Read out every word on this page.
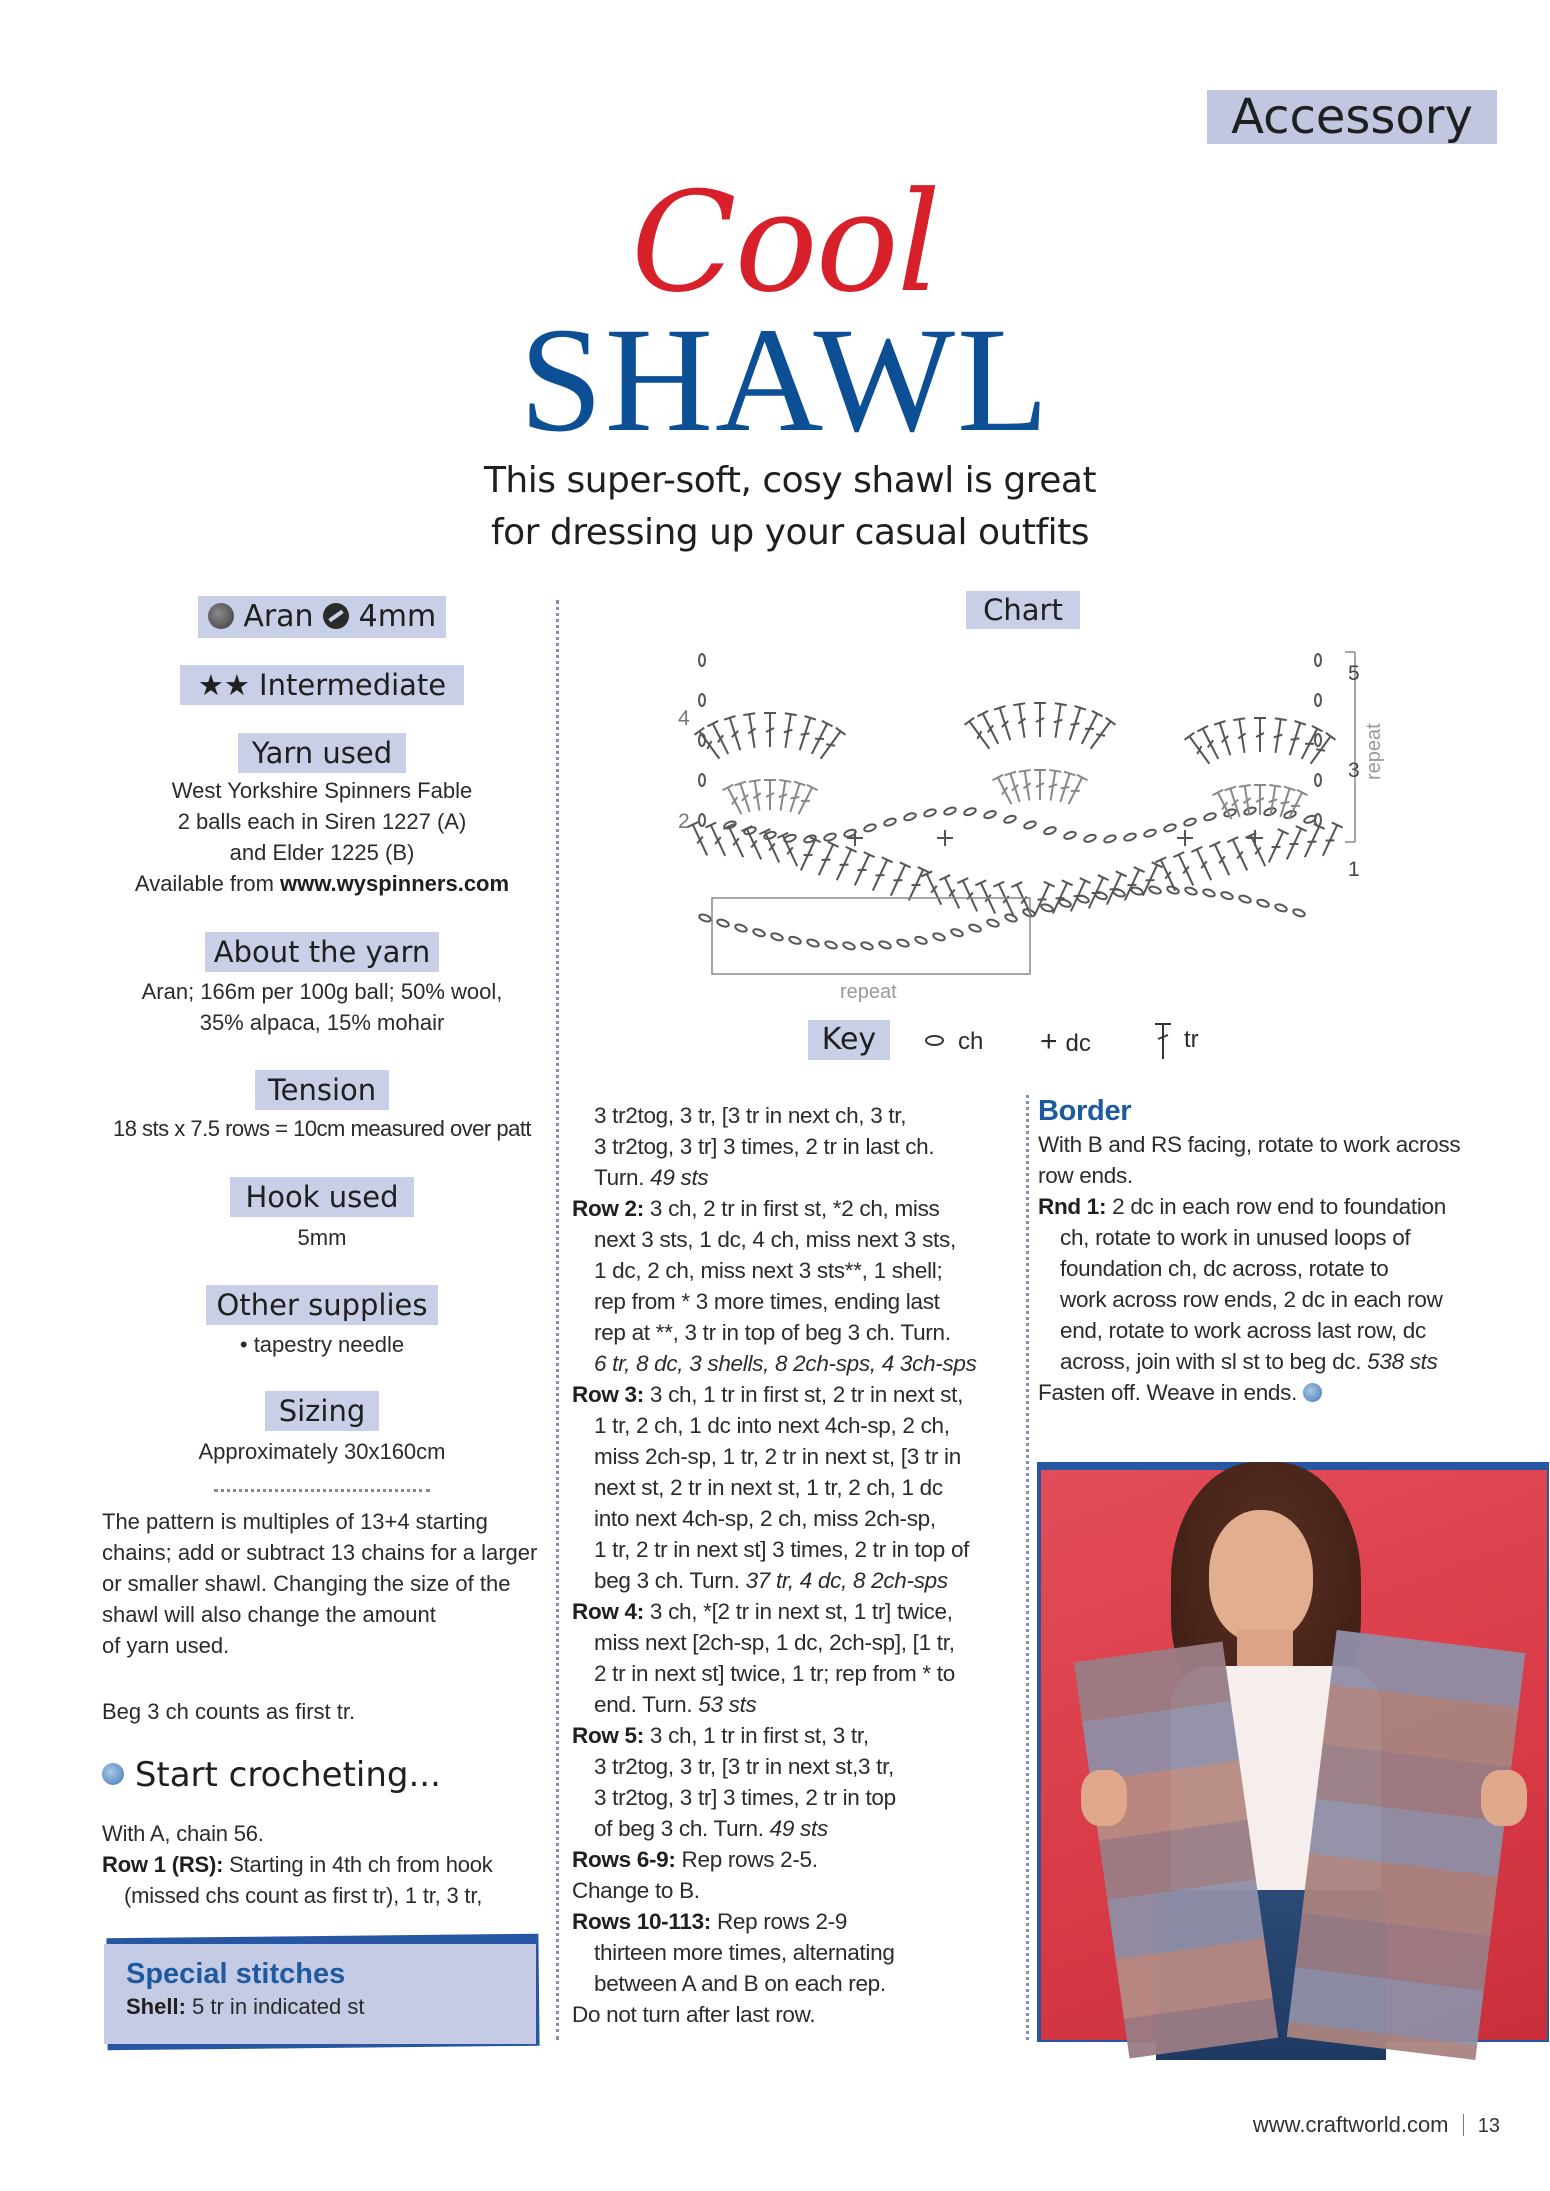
Accessory
Cool
SHAWL
This super-soft, cosy shawl is great
for dressing up your casual outfits
Aran 4mm
★★ Intermediate
Yarn used
West Yorkshire Spinners Fable
2 balls each in Siren 1227 (A)
and Elder 1225 (B)
Available from www.wyspinners.com
About the yarn
Aran; 166m per 100g ball; 50% wool,
35% alpaca, 15% mohair
Tension
18 sts x 7.5 rows = 10cm measured over patt
Hook used
5mm
Other supplies
• tapestry needle
Sizing
Approximately 30x160cm
The pattern is multiples of 13+4 starting
chains; add or subtract 13 chains for a larger
or smaller shawl. Changing the size of the
shawl will also change the amount
of yarn used.
Beg 3 ch counts as first tr.
Start crocheting...
With A, chain 56.
Row 1 (RS): Starting in 4th ch from hook
(missed chs count as first tr), 1 tr, 3 tr,
Special stitches
Shell: 5 tr in indicated st
Chart
5
4
3
2
1
repeat
repeat
Key	ch + dc	tr
3 tr2tog, 3 tr, [3 tr in next ch, 3 tr,
3 tr2tog, 3 tr] 3 times, 2 tr in last ch.
Turn. 49 sts
Row 2: 3 ch, 2 tr in first st, *2 ch, miss
next 3 sts, 1 dc, 4 ch, miss next 3 sts,
1 dc, 2 ch, miss next 3 sts**, 1 shell;
rep from * 3 more times, ending last
rep at **, 3 tr in top of beg 3 ch. Turn.
6 tr, 8 dc, 3 shells, 8 2ch-sps, 4 3ch-sps
Row 3: 3 ch, 1 tr in first st, 2 tr in next st,
1 tr, 2 ch, 1 dc into next 4ch-sp, 2 ch,
miss 2ch-sp, 1 tr, 2 tr in next st, [3 tr in
next st, 2 tr in next st, 1 tr, 2 ch, 1 dc
into next 4ch-sp, 2 ch, miss 2ch-sp,
1 tr, 2 tr in next st] 3 times, 2 tr in top of
beg 3 ch. Turn. 37 tr, 4 dc, 8 2ch-sps
Row 4: 3 ch, *[2 tr in next st, 1 tr] twice,
miss next [2ch-sp, 1 dc, 2ch-sp], [1 tr,
2 tr in next st] twice, 1 tr; rep from * to
end. Turn. 53 sts
Row 5: 3 ch, 1 tr in first st, 3 tr,
3 tr2tog, 3 tr, [3 tr in next st,3 tr,
3 tr2tog, 3 tr] 3 times, 2 tr in top
of beg 3 ch. Turn. 49 sts
Rows 6-9: Rep rows 2-5.
Change to B.
Rows 10-113: Rep rows 2-9
thirteen more times, alternating
between A and B on each rep.
Do not turn after last row.
Border
With B and RS facing, rotate to work across
row ends.
Rnd 1: 2 dc in each row end to foundation
ch, rotate to work in unused loops of
foundation ch, dc across, rotate to
work across row ends, 2 dc in each row
end, rotate to work across last row, dc
across, join with sl st to beg dc. 538 sts
Fasten off. Weave in ends.
www.craftworld.com 13
